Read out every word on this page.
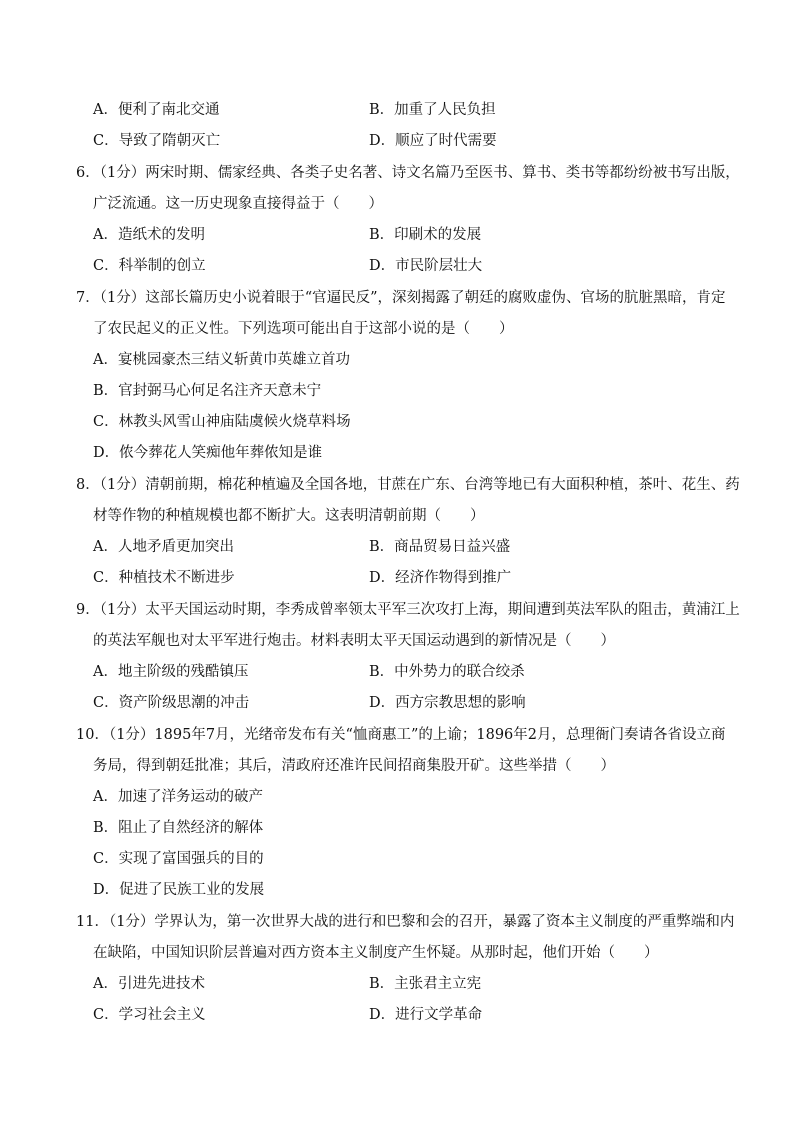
A．便利了南北交通	B．加重了人民负担
C．导致了隋朝灭亡	D．顺应了时代需要
6．（1分）两宋时期、儒家经典、各类子史名著、诗文名篇乃至医书、算书、类书等都纷纷被书写出版，
广泛流通。这一历史现象直接得益于（　　）
A．造纸术的发明	B．印刷术的发展
C．科举制的创立	D．市民阶层壮大
7．（1分）这部长篇历史小说着眼于“官逼民反”，深刻揭露了朝廷的腐败虚伪、官场的肮脏黑暗，肯定
了农民起义的正义性。下列选项可能出自于这部小说的是（　　）
A．宴桃园豪杰三结义斩黄巾英雄立首功
B．官封弼马心何足名注齐天意未宁
C．林教头风雪山神庙陆虞候火烧草料场
D．侬今葬花人笑痴他年葬侬知是谁
8．（1分）清朝前期，棉花种植遍及全国各地，甘蔗在广东、台湾等地已有大面积种植，茶叶、花生、药
材等作物的种植规模也都不断扩大。这表明清朝前期（　　）
A．人地矛盾更加突出	B．商品贸易日益兴盛
C．种植技术不断进步	D．经济作物得到推广
9．（1分）太平天国运动时期，李秀成曾率领太平军三次攻打上海，期间遭到英法军队的阻击，黄浦江上
的英法军舰也对太平军进行炮击。材料表明太平天国运动遇到的新情况是（　　）
A．地主阶级的残酷镇压	B．中外势力的联合绞杀
C．资产阶级思潮的冲击	D．西方宗教思想的影响
10．（1分）1895年7月，光绪帝发布有关“恤商惠工”的上谕；1896年2月，总理衙门奏请各省设立商
务局，得到朝廷批准；其后，清政府还准许民间招商集股开矿。这些举措（　　）
A．加速了洋务运动的破产
B．阻止了自然经济的解体
C．实现了富国强兵的目的
D．促进了民族工业的发展
11．（1分）学界认为，第一次世界大战的进行和巴黎和会的召开，暴露了资本主义制度的严重弊端和内
在缺陷，中国知识阶层普遍对西方资本主义制度产生怀疑。从那时起，他们开始（　　）
A．引进先进技术	B．主张君主立宪
C．学习社会主义	D．进行文学革命
